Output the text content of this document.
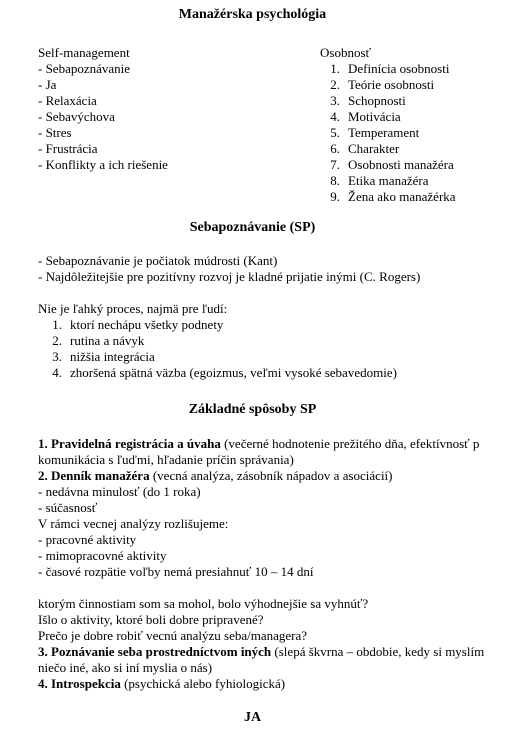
Manažérska psychológia
Self-management
- Sebapoznávanie
- Ja
- Relaxácia
- Sebavýchova
- Stres
- Frustrácia
- Konflikty a ich riešenie
Osobnosť
1. Definícia osobnosti
2. Teórie osobnosti
3. Schopnosti
4. Motivácia
5. Temperament
6. Charakter
7. Osobnosti manažéra
8. Etika manažéra
9. Žena ako manažérka
Sebapoznávanie (SP)
- Sebapoznávanie je počiatok múdrosti (Kant)
- Najdôležitejšie pre pozitívny rozvoj je kladné prijatie inými (C. Rogers)
Nie je ľahký proces, najmä pre ľudí:
1. ktorí nechápu všetky podnety
2. rutina a návyk
3. nižšia integrácia
4. zhoršená spätná väzba (egoizmus, veľmi vysoké sebavedomie)
Základné spôsoby SP
1. Pravidelná registrácia a úvaha (večerné hodnotenie prežitého dňa, efektívnosť p
komunikácia s ľuďmi, hľadanie príčin správania)
2. Denník manažéra (vecná analýza, zásobník nápadov a asociácií)
- nedávna minulosť (do 1 roka)
- súčasnosť
V rámci vecnej analýzy rozlišujeme:
- pracovné aktivity
- mimopracovné aktivity
- časové rozpätie voľby nemá presiahnuť 10 – 14 dní
ktorým činnostiam som sa mohol, bolo výhodnejšie sa vyhnúť?
Išlo o aktivity, ktoré boli dobre pripravené?
Prečo je dobre robiť vecnú analýzu seba/managera?
3. Poznávanie seba prostredníctvom iných (slepá škvrna – obdobie, kedy si myslím
niečo iné, ako si iní myslia o nás)
4. Introspekcia (psychická alebo fyhiologická)
JA
